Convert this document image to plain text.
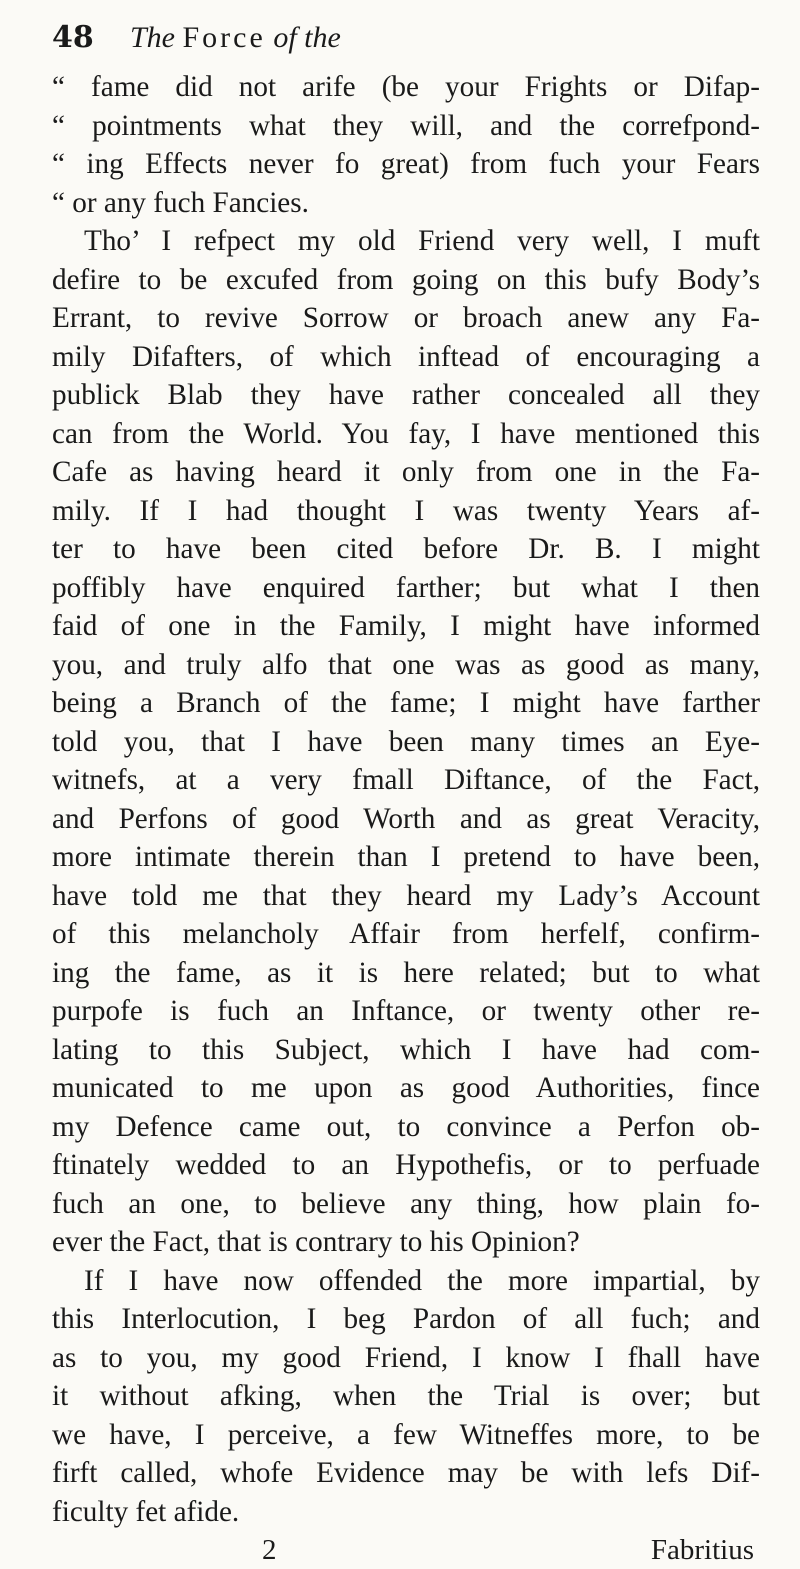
48	The Force of the
“ fame did not arife (be your Frights or Difap-
“ pointments what they will, and the correfpond-
“ ing Effects never fo great) from fuch your Fears
“ or any fuch Fancies.
Tho’ I refpect my old Friend very well, I muft
defire to be excufed from going on this bufy Body’s
Errant, to revive Sorrow or broach anew any Fa-
mily Difafters, of which inftead of encouraging a
publick Blab they have rather concealed all they
can from the World. You fay, I have mentioned this
Cafe as having heard it only from one in the Fa-
mily. If I had thought I was twenty Years af-
ter to have been cited before Dr. B. I might
poffibly have enquired farther; but what I then
faid of one in the Family, I might have informed
you, and truly alfo that one was as good as many,
being a Branch of the fame; I might have farther
told you, that I have been many times an Eye-
witnefs, at a very fmall Diftance, of the Fact,
and Perfons of good Worth and as great Veracity,
more intimate therein than I pretend to have been,
have told me that they heard my Lady’s Account
of this melancholy Affair from herfelf, confirm-
ing the fame, as it is here related; but to what
purpofe is fuch an Inftance, or twenty other re-
lating to this Subject, which I have had com-
municated to me upon as good Authorities, fince
my Defence came out, to convince a Perfon ob-
ftinately wedded to an Hypothefis, or to perfuade
fuch an one, to believe any thing, how plain fo-
ever the Fact, that is contrary to his Opinion?
If I have now offended the more impartial, by
this Interlocution, I beg Pardon of all fuch; and
as to you, my good Friend, I know I fhall have
it without afking, when the Trial is over; but
we have, I perceive, a few Witneffes more, to be
firft called, whofe Evidence may be with lefs Dif-
ficulty fet afide.
2	Fabritius
